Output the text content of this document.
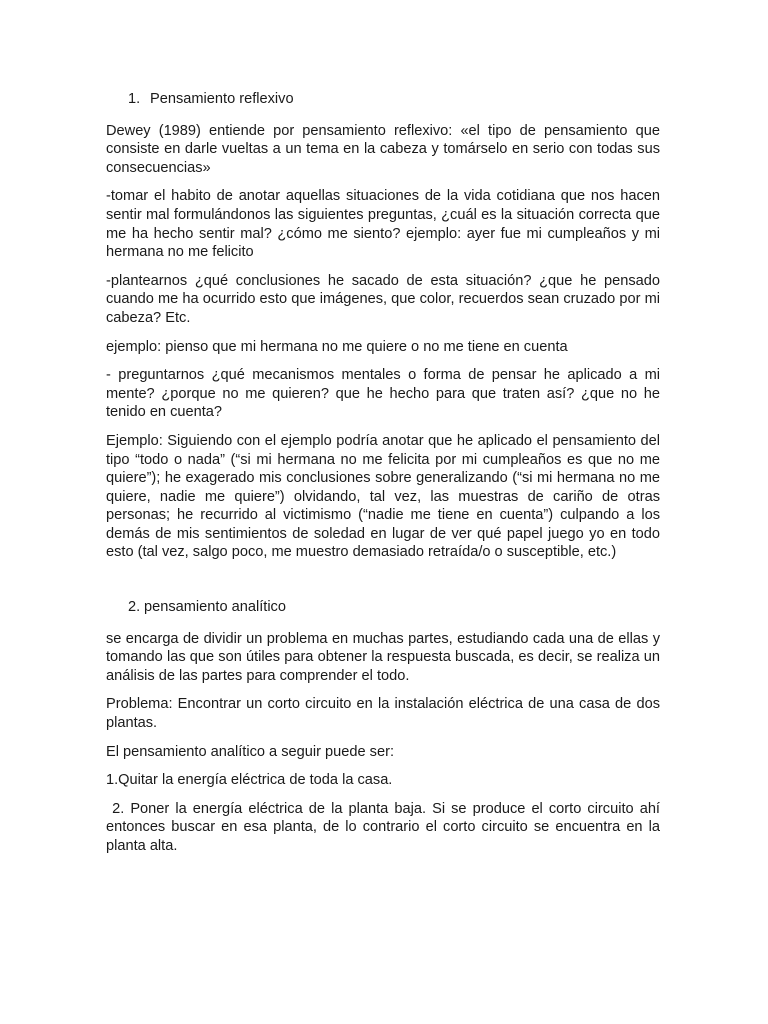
1. Pensamiento reflexivo

Dewey (1989) entiende por pensamiento reflexivo: «el tipo de pensamiento que consiste en darle vueltas a un tema en la cabeza y tomárselo en serio con todas sus consecuencias»

-tomar el habito de anotar aquellas situaciones de la vida cotidiana que nos hacen sentir mal formulándonos las siguientes preguntas, ¿cuál es la situación correcta que me ha hecho sentir mal? ¿cómo me siento? ejemplo: ayer fue mi cumpleaños y mi hermana no me felicito

-plantearnos ¿qué conclusiones he sacado de esta situación? ¿que he pensado cuando me ha ocurrido esto que imágenes, que color, recuerdos sean cruzado por mi cabeza? Etc.

ejemplo: pienso que mi hermana no me quiere o no me tiene en cuenta

- preguntarnos ¿qué mecanismos mentales o forma de pensar he aplicado a mi mente? ¿porque no me quieren? que he hecho para que traten así? ¿que no he tenido en cuenta?

Ejemplo: Siguiendo con el ejemplo podría anotar que he aplicado el pensamiento del tipo “todo o nada” (“si mi hermana no me felicita por mi cumpleaños es que no me quiere”); he exagerado mis conclusiones sobre generalizando (“si mi hermana no me quiere, nadie me quiere”) olvidando, tal vez, las muestras de cariño de otras personas; he recurrido al victimismo (“nadie me tiene en cuenta”) culpando a los demás de mis sentimientos de soledad en lugar de ver qué papel juego yo en todo esto (tal vez, salgo poco, me muestro demasiado retraída/o o susceptible, etc.)

2. pensamiento analítico

se encarga de dividir un problema en muchas partes, estudiando cada una de ellas y tomando las que son útiles para obtener la respuesta buscada, es decir, se realiza un análisis de las partes para comprender el todo.

Problema: Encontrar un corto circuito en la instalación eléctrica de una casa de dos plantas.

El pensamiento analítico a seguir puede ser:

1.Quitar la energía eléctrica de toda la casa.

2. Poner la energía eléctrica de la planta baja. Si se produce el corto circuito ahí entonces buscar en esa planta, de lo contrario el corto circuito se encuentra en la planta alta.
